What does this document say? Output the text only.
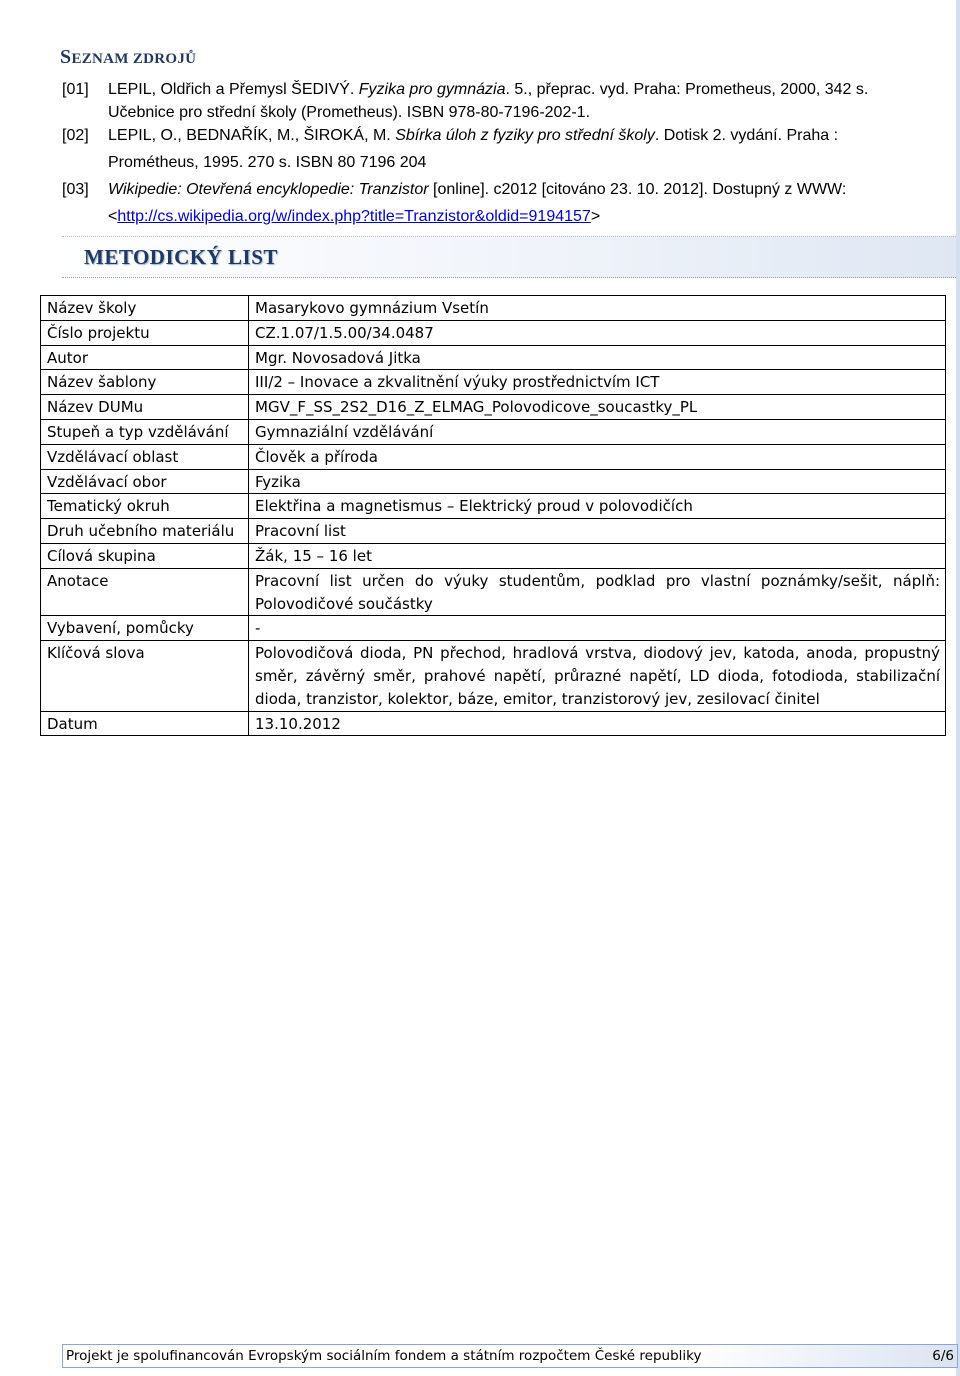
SEZNAM ZDROJŮ
[01] LEPIL, Oldřich a Přemysl ŠEDIVÝ. Fyzika pro gymnázia. 5., přeprac. vyd. Praha: Prometheus, 2000, 342 s.
Učebnice pro střední školy (Prometheus). ISBN 978-80-7196-202-1.
[02] LEPIL, O., BEDNAŘÍK, M., ŠIROKÁ, M. Sbírka úloh z fyziky pro střední školy. Dotisk 2. vydání. Praha :
Prométheus, 1995. 270 s. ISBN 80 7196 204
[03] Wikipedie: Otevřená encyklopedie: Tranzistor [online]. c2012 [citováno 23. 10. 2012]. Dostupný z WWW:
<http://cs.wikipedia.org/w/index.php?title=Tranzistor&oldid=9194157>
METODICKÝ LIST
Název školy	Masarykovo gymnázium Vsetín
Číslo projektu	CZ.1.07/1.5.00/34.0487
Autor	Mgr. Novosadová Jitka
Název šablony	III/2 – Inovace a zkvalitnění výuky prostřednictvím ICT
Název DUMu	MGV_F_SS_2S2_D16_Z_ELMAG_Polovodicove_soucastky_PL
Stupeň a typ vzdělávání	Gymnaziální vzdělávání
Vzdělávací oblast	Člověk a příroda
Vzdělávací obor	Fyzika
Tematický okruh	Elektřina a magnetismus – Elektrický proud v polovodičích
Druh učebního materiálu	Pracovní list
Cílová skupina	Žák, 15 – 16 let
Anotace	Pracovní list určen do výuky studentům, podklad pro vlastní poznámky/sešit, náplň: Polovodičové součástky
Vybavení, pomůcky	-
Klíčová slova	Polovodičová dioda, PN přechod, hradlová vrstva, diodový jev, katoda, anoda, propustný směr, závěrný směr, prahové napětí, průrazné napětí, LD dioda, fotodioda, stabilizační dioda, tranzistor, kolektor, báze, emitor, tranzistorový jev, zesilovací činitel
Datum	13.10.2012
Projekt je spolufinancován Evropským sociálním fondem a státním rozpočtem České republiky	6/6
